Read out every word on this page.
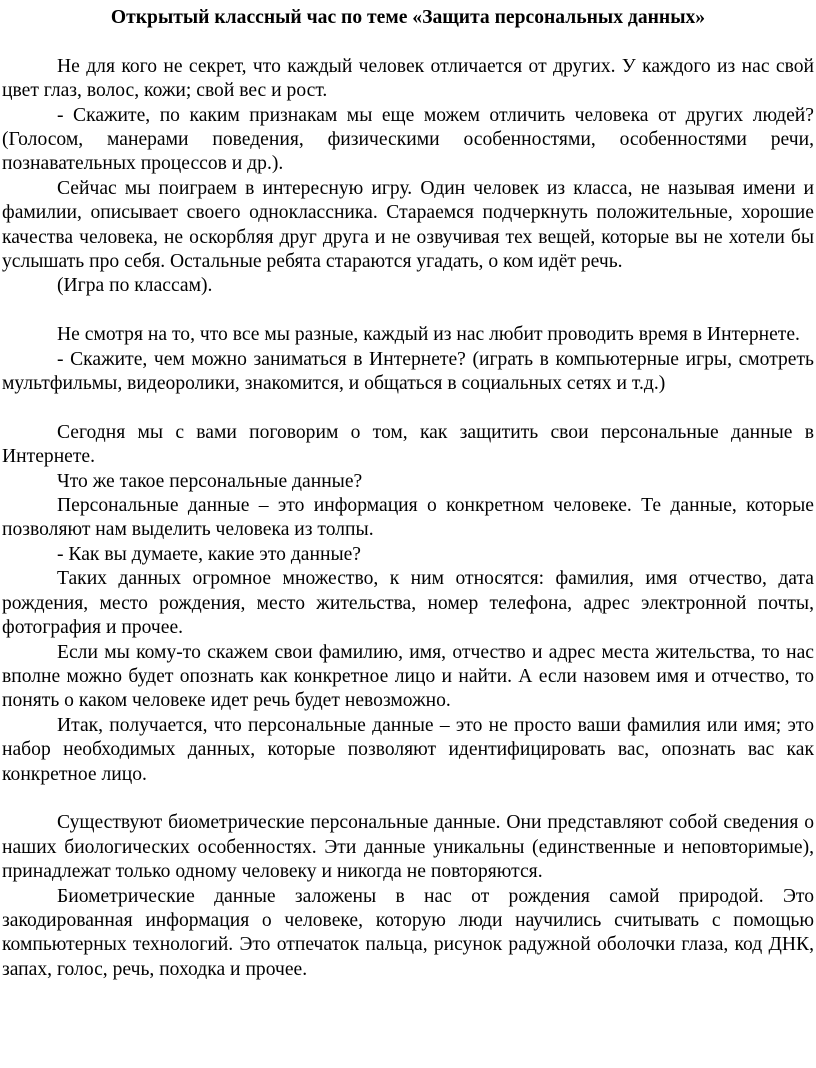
Открытый классный час по теме «Защита персональных данных»

Не для кого не секрет, что каждый человек отличается от других. У каждого из нас свой цвет глаз, волос, кожи; свой вес и рост.

- Скажите, по каким признакам мы еще можем отличить человека от других людей? (Голосом, манерами поведения, физическими особенностями, особенностями речи, познавательных процессов и др.).

Сейчас мы поиграем в интересную игру. Один человек из класса, не называя имени и фамилии, описывает своего одноклассника. Стараемся подчеркнуть положительные, хорошие качества человека, не оскорбляя друг друга и не озвучивая тех вещей, которые вы не хотели бы услышать про себя. Остальные ребята стараются угадать, о ком идёт речь.

(Игра по классам).

Не смотря на то, что все мы разные, каждый из нас любит проводить время в Интернете.

- Скажите, чем можно заниматься в Интернете? (играть в компьютерные игры, смотреть мультфильмы, видеоролики, знакомится, и общаться в социальных сетях и т.д.)

Сегодня мы с вами поговорим о том, как защитить свои персональные данные в Интернете.

Что же такое персональные данные?

Персональные данные – это информация о конкретном человеке. Те данные, которые позволяют нам выделить человека из толпы.

- Как вы думаете, какие это данные?

Таких данных огромное множество, к ним относятся: фамилия, имя отчество, дата рождения, место рождения, место жительства, номер телефона, адрес электронной почты, фотография и прочее.

Если мы кому-то скажем свои фамилию, имя, отчество и адрес места жительства, то нас вполне можно будет опознать как конкретное лицо и найти. А если назовем имя и отчество, то понять о каком человеке идет речь будет невозможно.

Итак, получается, что персональные данные – это не просто ваши фамилия или имя; это набор необходимых данных, которые позволяют идентифицировать вас, опознать вас как конкретное лицо.

Существуют биометрические персональные данные. Они представляют собой сведения о наших биологических особенностях. Эти данные уникальны (единственные и неповторимые), принадлежат только одному человеку и никогда не повторяются.

Биометрические данные заложены в нас от рождения самой природой. Это закодированная информация о человеке, которую люди научились считывать с помощью компьютерных технологий. Это отпечаток пальца, рисунок радужной оболочки глаза, код ДНК, запах, голос, речь, походка и прочее.
